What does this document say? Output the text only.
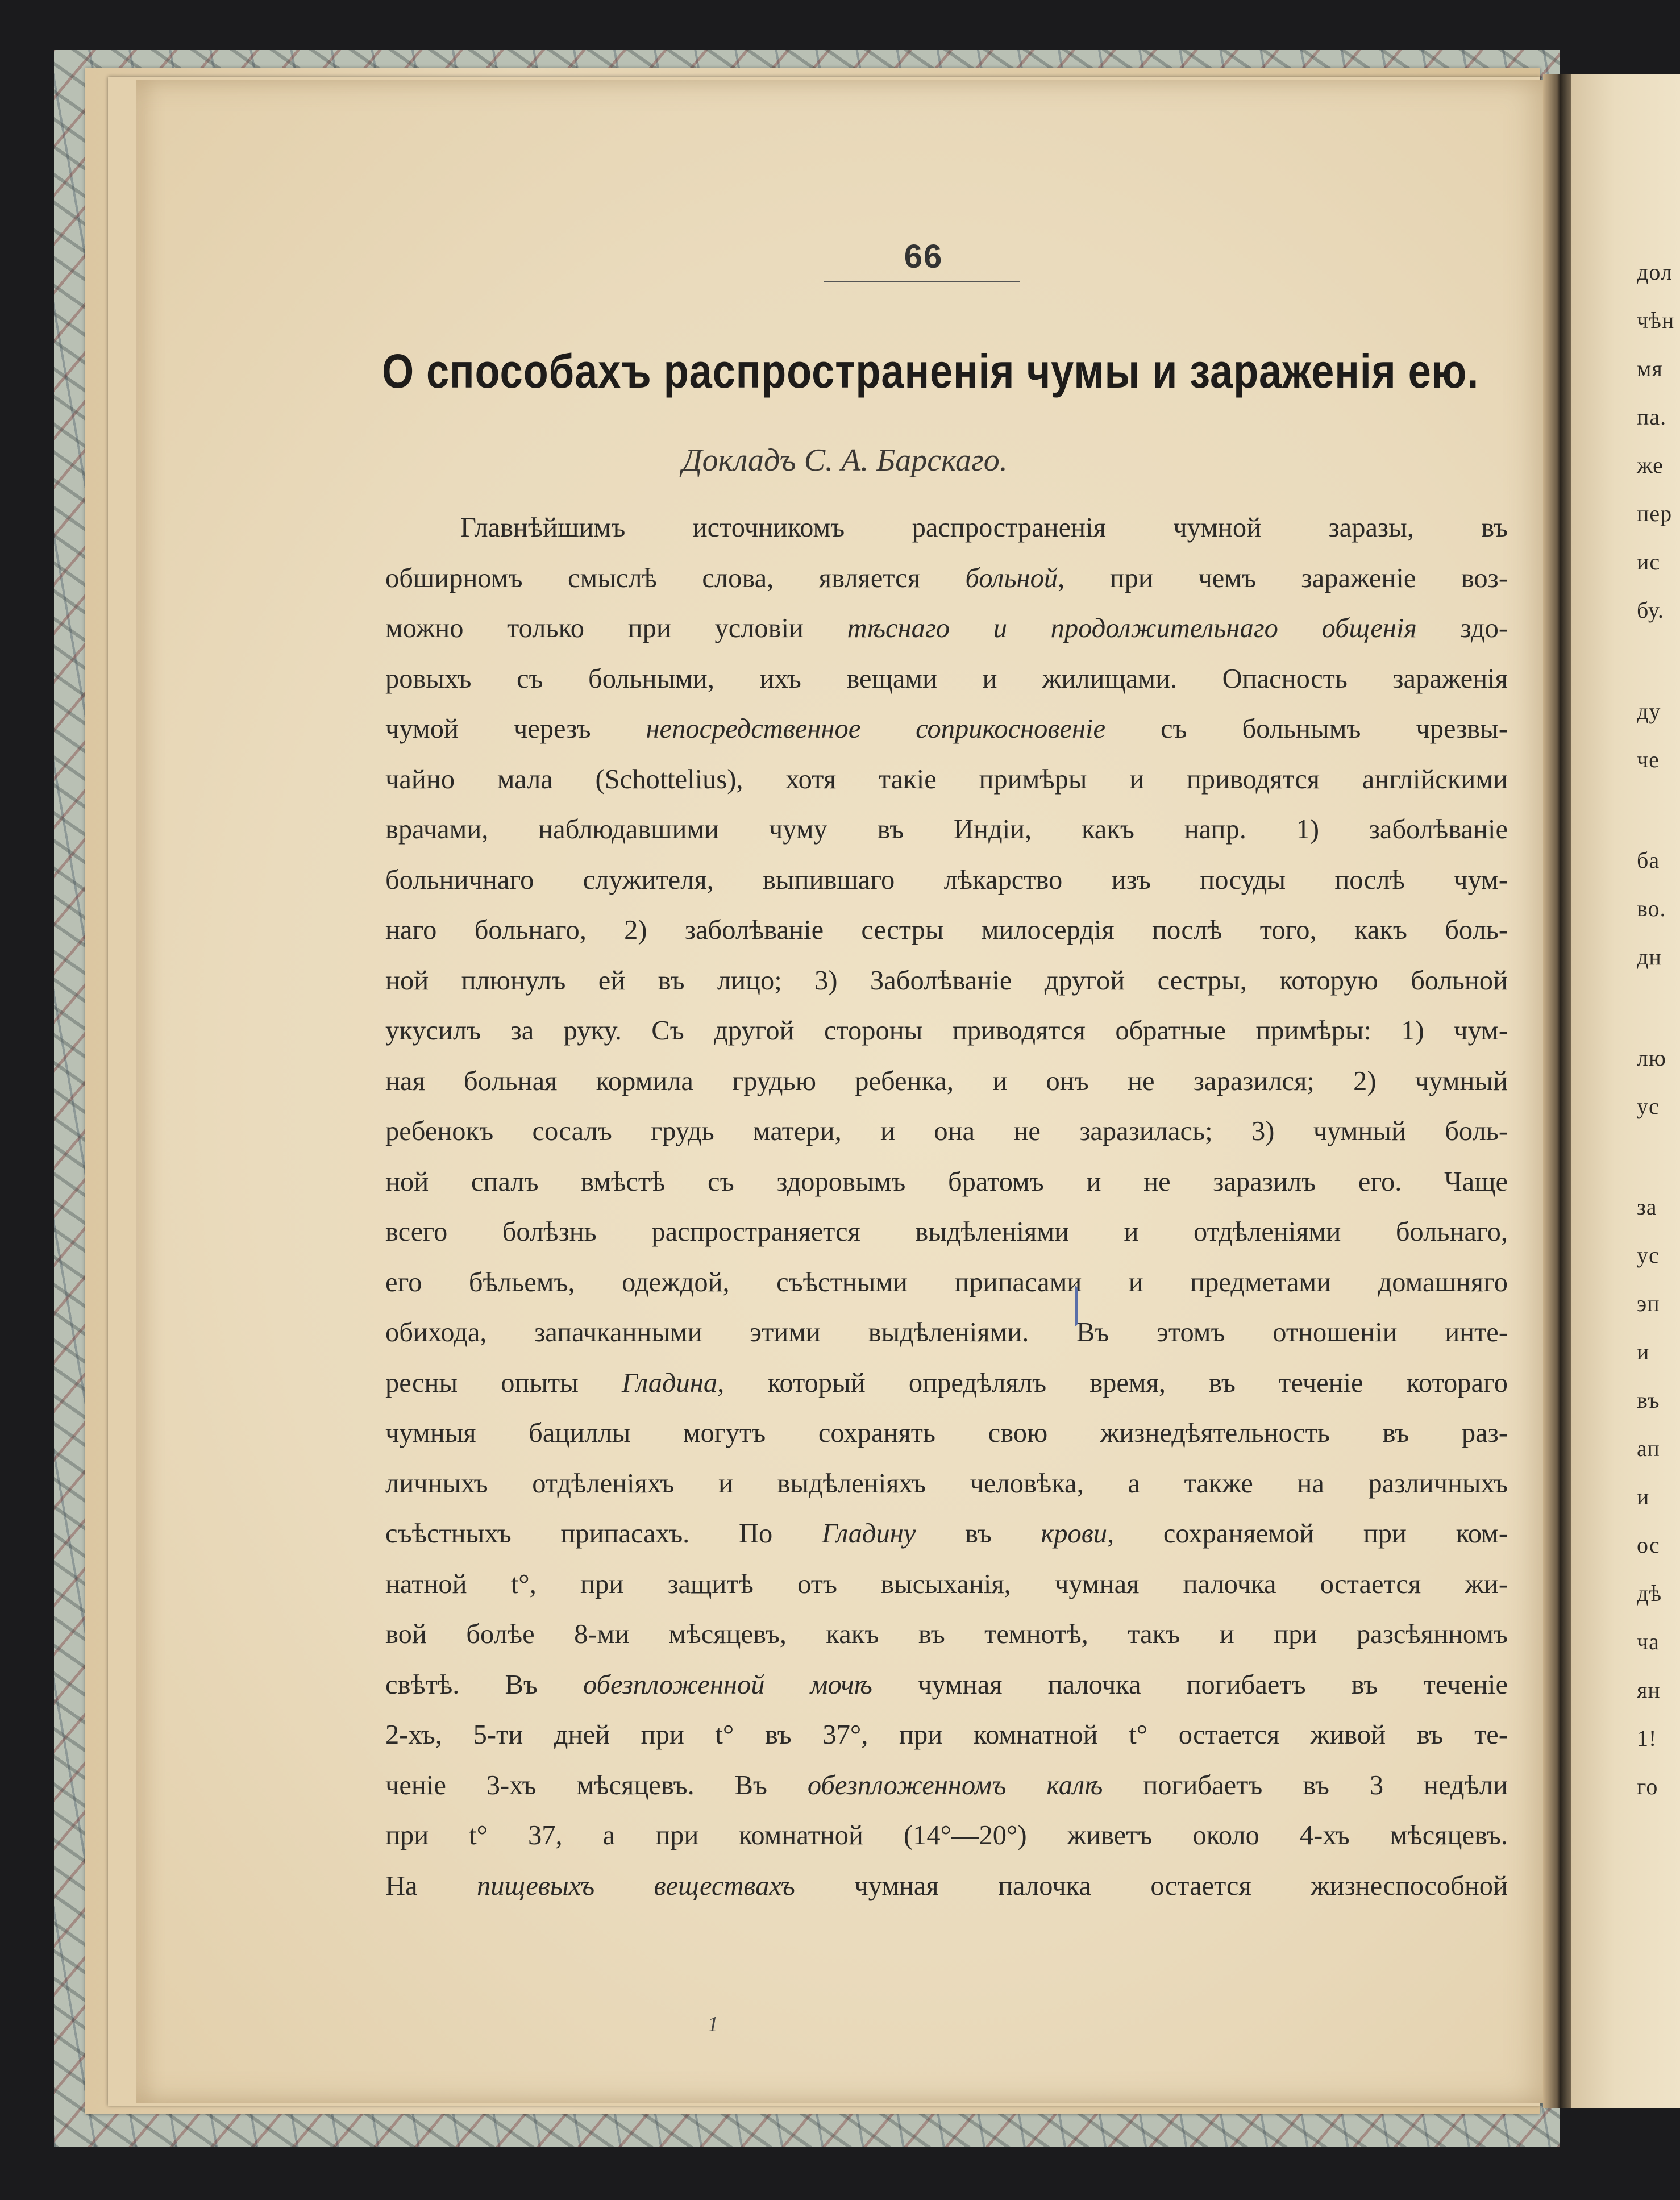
66
О способахъ распространенія чумы и зараженія ею.
Докладъ С. А. Барскаго.
Главнѣйшимъ источникомъ распространенія чумной заразы, въ
обширномъ смыслѣ слова, является больной, при чемъ зараженіе воз-
можно только при условіи тѣснаго и продолжительнаго общенія здо-
ровыхъ съ больными, ихъ вещами и жилищами. Опасность зараженія
чумой черезъ непосредственное соприкосновеніе съ больнымъ чрезвы-
чайно мала (Schottelius), хотя такіе примѣры и приводятся англійскими
врачами, наблюдавшими чуму въ Индіи, какъ напр. 1) заболѣваніе
больничнаго служителя, выпившаго лѣкарство изъ посуды послѣ чум-
наго больнаго, 2) заболѣваніе сестры милосердія послѣ того, какъ боль-
ной плюнулъ ей въ лицо; 3) Заболѣваніе другой сестры, которую больной
укусилъ за руку. Съ другой стороны приводятся обратные примѣры: 1) чум-
ная больная кормила грудью ребенка, и онъ не заразился; 2) чумный
ребенокъ сосалъ грудь матери, и она не заразилась; 3) чумный боль-
ной спалъ вмѣстѣ съ здоровымъ братомъ и не заразилъ его. Чаще
всего болѣзнь распространяется выдѣленіями и отдѣленіями больнаго,
его бѣльемъ, одеждой, съѣстными припасами и предметами домашняго
обихода, запачканными этими выдѣленіями. Въ этомъ отношеніи инте-
ресны опыты Гладина, который опредѣлялъ время, въ теченіе котораго
чумныя бациллы могутъ сохранять свою жизнедѣятельность въ раз-
личныхъ отдѣленіяхъ и выдѣленіяхъ человѣка, а также на различныхъ
съѣстныхъ припасахъ. По Гладину въ крови, сохраняемой при ком-
натной t°, при защитѣ отъ высыханія, чумная палочка остается жи-
вой болѣе 8-ми мѣсяцевъ, какъ въ темнотѣ, такъ и при разсѣянномъ
свѣтѣ. Въ обезпложенной мочѣ чумная палочка погибаетъ въ теченіе
2-хъ, 5-ти дней при t° въ 37°, при комнатной t° остается живой въ те-
ченіе 3-хъ мѣсяцевъ. Въ обезпложенномъ калѣ погибаетъ въ 3 недѣли
при t° 37, а при комнатной (14°—20°) живетъ около 4-хъ мѣсяцевъ.
На пищевыхъ веществахъ чумная палочка остается жизнеспособной
1
дол
чѣн
мя
па.
же
пер
ис
бу.
ду
че
ба
во.
дн
лю
ус
за
ус
эп
и
въ
ап
и
ос
дѣ
ча
ян
1!
го
